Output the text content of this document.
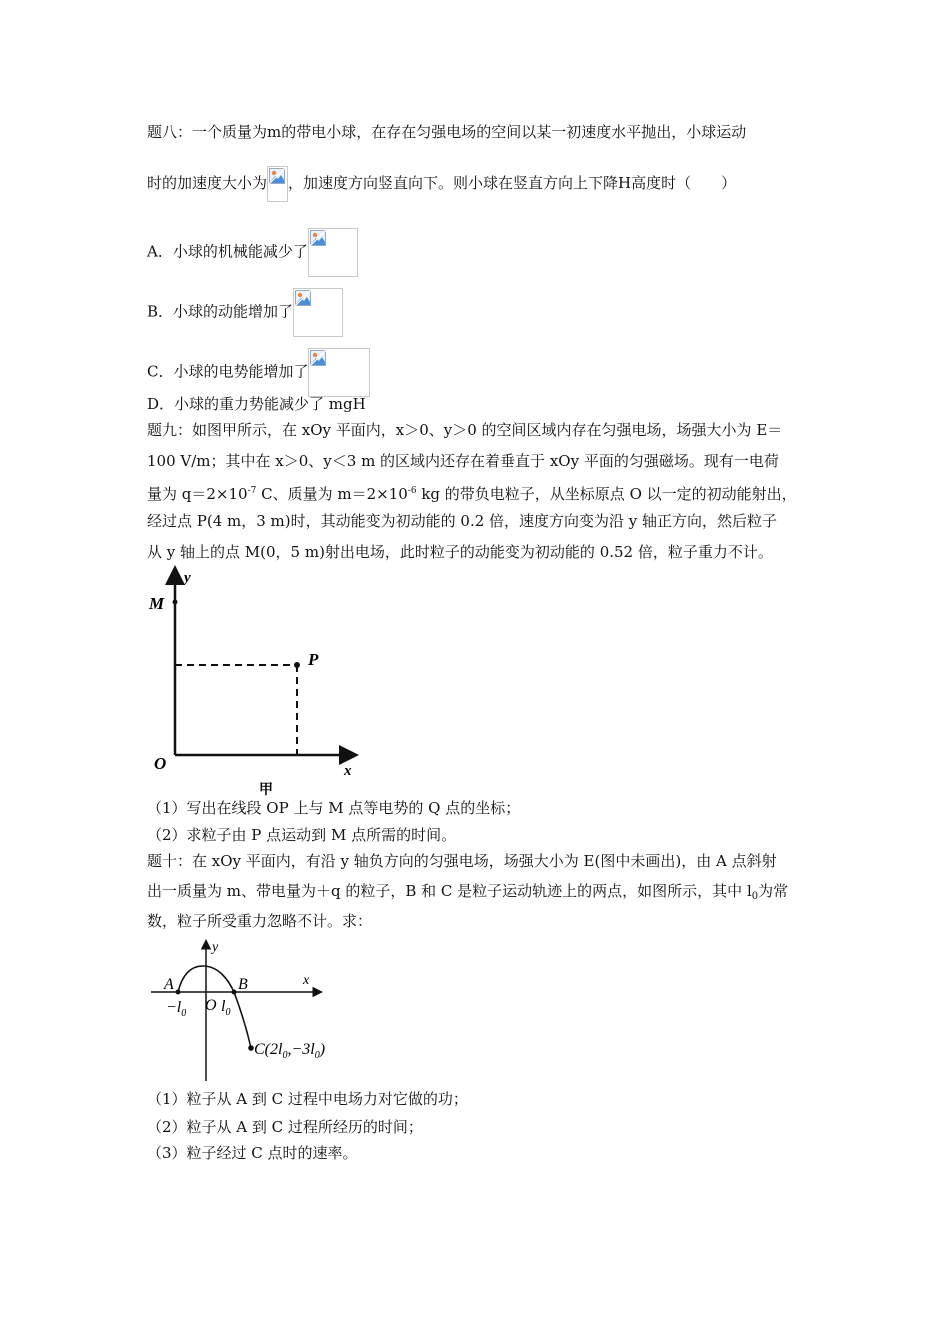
题八：一个质量为m的带电小球，在存在匀强电场的空间以某一初速度水平抛出，小球运动
时的加速度大小为 ，加速度方向竖直向下。则小球在竖直方向上下降H高度时（　　）
A．小球的机械能减少了
B．小球的动能增加了
C．小球的电势能增加了
D．小球的重力势能减少了 mgH
题九：如图甲所示，在 xOy 平面内，x＞0、y＞0 的空间区域内存在匀强电场，场强大小为 E＝
100 V/m；其中在 x＞0、y＜3 m 的区域内还存在着垂直于 xOy 平面的匀强磁场。现有一电荷
量为 $q=2\times 10^{-7}$ C、质量为 $m=2\times 10^{-6}$ kg 的带负电粒子，从坐标原点 O 以一定的初动能射出，
经过点 P(4 m，3 m)时，其动能变为初动能的 0.2 倍，速度方向变为沿 y 轴正方向，然后粒子
从 y 轴上的点 M(0，5 m)射出电场，此时粒子的动能变为初动能的 0.52 倍，粒子重力不计。
y
x
M
P
O
甲
（1）写出在线段 OP 上与 M 点等电势的 Q 点的坐标；
（2）求粒子由 P 点运动到 M 点所需的时间。
题十：在 xOy 平面内，有沿 y 轴负方向的匀强电场，场强大小为 E(图中未画出)，由 A 点斜射
出一质量为 m、带电量为＋q 的粒子，B 和 C 是粒子运动轨迹上的两点，如图所示，其中 $l_0$为常
数，粒子所受重力忽略不计。求：
y
x
A	B
O
$-l_0$ $l_0$
$C(2l_0,-3l_0)$
（1）粒子从 A 到 C 过程中电场力对它做的功；
（2）粒子从 A 到 C 过程所经历的时间；
（3）粒子经过 C 点时的速率。
